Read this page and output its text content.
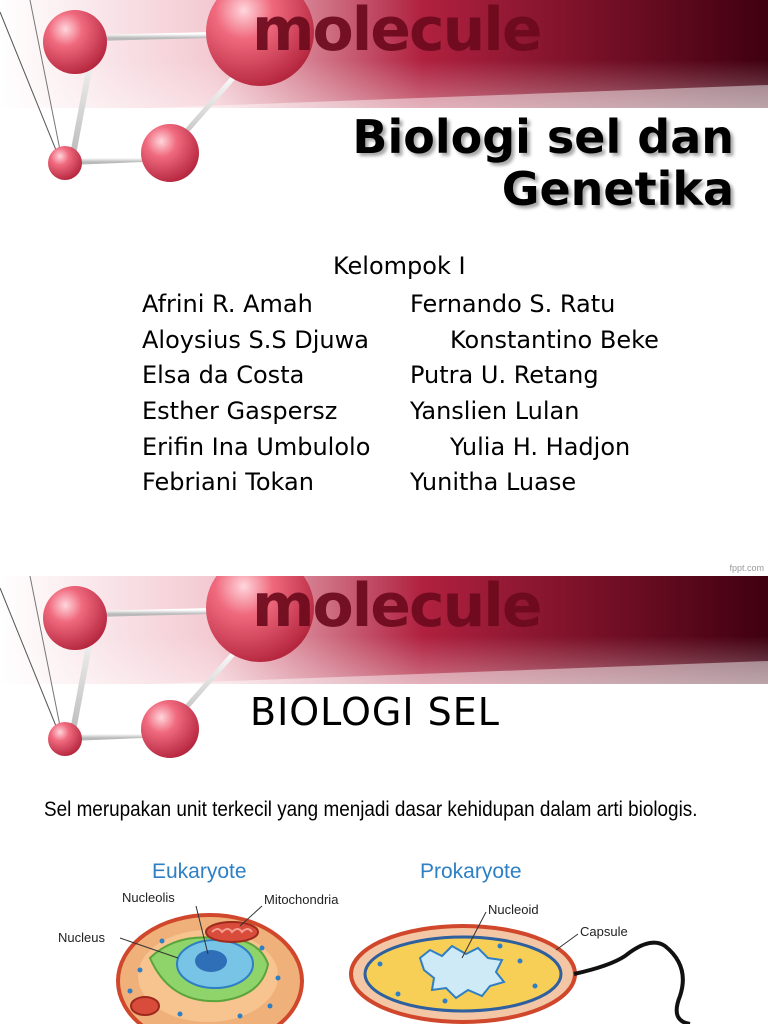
molecule
Biologi sel dan
Genetika
Kelompok I
Afrini R. Amah
Aloysius S.S Djuwa
Elsa da Costa
Esther Gaspersz
Erifin Ina Umbulolo
Febriani Tokan
Fernando S. Ratu
Konstantino Beke
Putra U. Retang
Yanslien Lulan
Yulia H. Hadjon
Yunitha Luase
fppt.com
molecule
BIOLOGI SEL
Sel merupakan unit terkecil yang menjadi dasar kehidupan dalam arti biologis.
Eukaryote	Prokaryote
Nucleolis	Mitochondria
Nucleus
Nucleoid
Capsule
